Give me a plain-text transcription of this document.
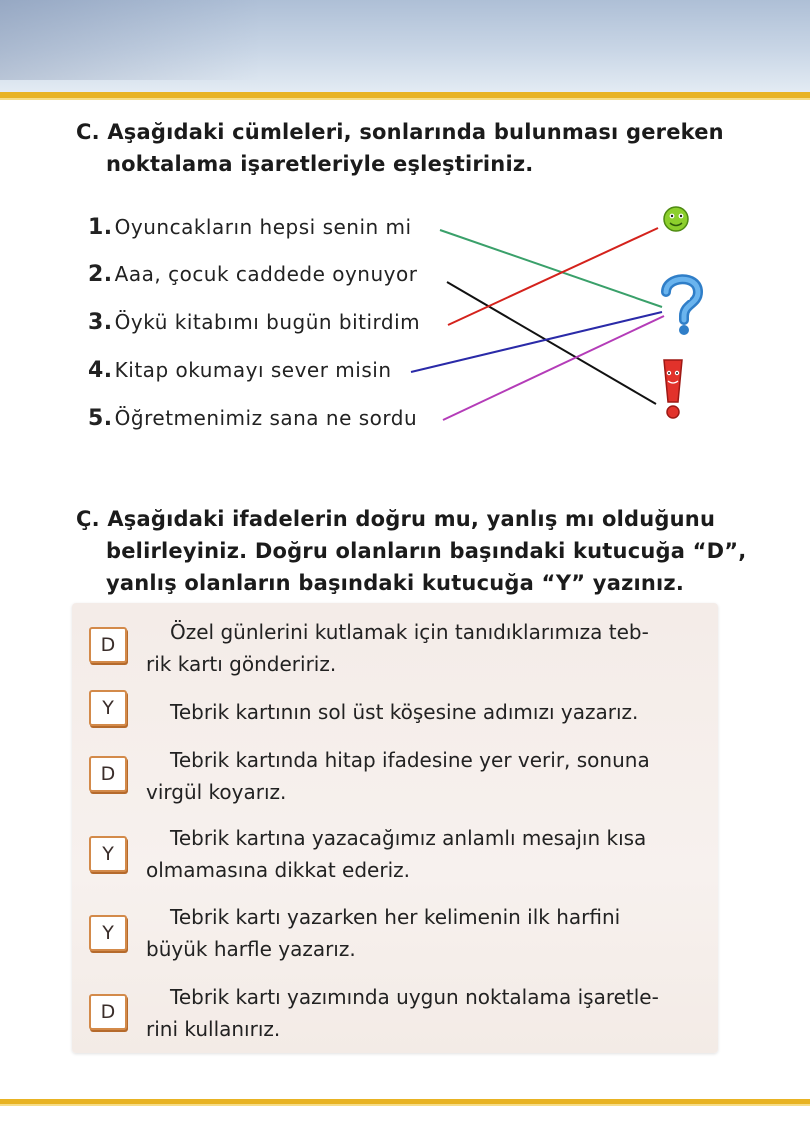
C. Aşağıdaki cümleleri, sonlarında bulunması gereken
noktalama işaretleriyle eşleştiriniz.
1. Oyuncakların hepsi senin mi
2. Aaa, çocuk caddede oynuyor
3. Öykü kitabımı bugün bitirdim
4. Kitap okumayı sever misin
5. Öğretmenimiz sana ne sordu
Ç. Aşağıdaki ifadelerin doğru mu, yanlış mı olduğunu
belirleyiniz. Doğru olanların başındaki kutucuğa “D”,
yanlış olanların başındaki kutucuğa “Y” yazınız.
D
Özel günlerini kutlamak için tanıdıklarımıza teb-
rik kartı göndeririz.
Y	Tebrik kartının sol üst köşesine adımızı yazarız.
D
Tebrik kartında hitap ifadesine yer verir, sonuna
virgül koyarız.
Y
Tebrik kartına yazacağımız anlamlı mesajın kısa
olmamasına dikkat ederiz.
Y
Tebrik kartı yazarken her kelimenin ilk harfini
büyük harfle yazarız.
D
Tebrik kartı yazımında uygun noktalama işaretle-
rini kullanırız.
